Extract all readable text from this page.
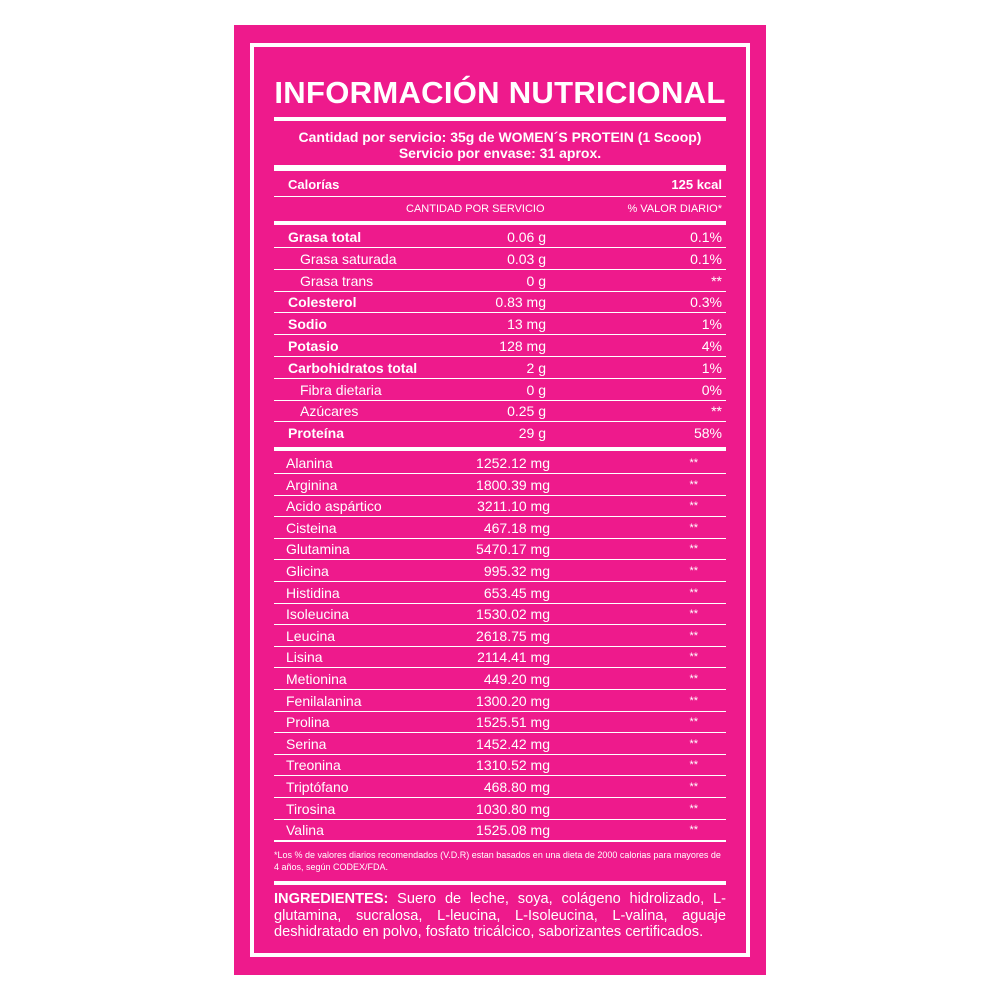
INFORMACIÓN NUTRICIONAL
Cantidad por servicio: 35g de WOMEN´S PROTEIN (1 Scoop)
Servicio por envase: 31 aprox.
Calorías	125 kcal
CANTIDAD POR SERVICIO	% VALOR DIARIO*
Grasa total	0.06 g	0.1%
Grasa saturada	0.03 g	0.1%
Grasa trans	0 g	**
Colesterol	0.83 mg	0.3%
Sodio	13 mg	1%
Potasio	128 mg	4%
Carbohidratos total	2 g	1%
Fibra dietaria	0 g	0%
Azúcares	0.25 g	**
Proteína	29 g	58%
Alanina	1252.12 mg	**
Arginina	1800.39 mg	**
Acido aspártico	3211.10 mg	**
Cisteina	467.18 mg	**
Glutamina	5470.17 mg	**
Glicina	995.32 mg	**
Histidina	653.45 mg	**
Isoleucina	1530.02 mg	**
Leucina	2618.75 mg	**
Lisina	2114.41 mg	**
Metionina	449.20 mg	**
Fenilalanina	1300.20 mg	**
Prolina	1525.51 mg	**
Serina	1452.42 mg	**
Treonina	1310.52 mg	**
Triptófano	468.80 mg	**
Tirosina	1030.80 mg	**
Valina	1525.08 mg	**
*Los % de valores diarios recomendados (V.D.R) estan basados en una dieta de 2000 calorias para mayores de 4 años, según CODEX/FDA.
INGREDIENTES: Suero de leche, soya, colágeno hidrolizado, L-glutamina, sucralosa, L-leucina, L-Isoleucina, L-valina, aguaje deshidratado en polvo, fosfato tricálcico, saborizantes certificados.
